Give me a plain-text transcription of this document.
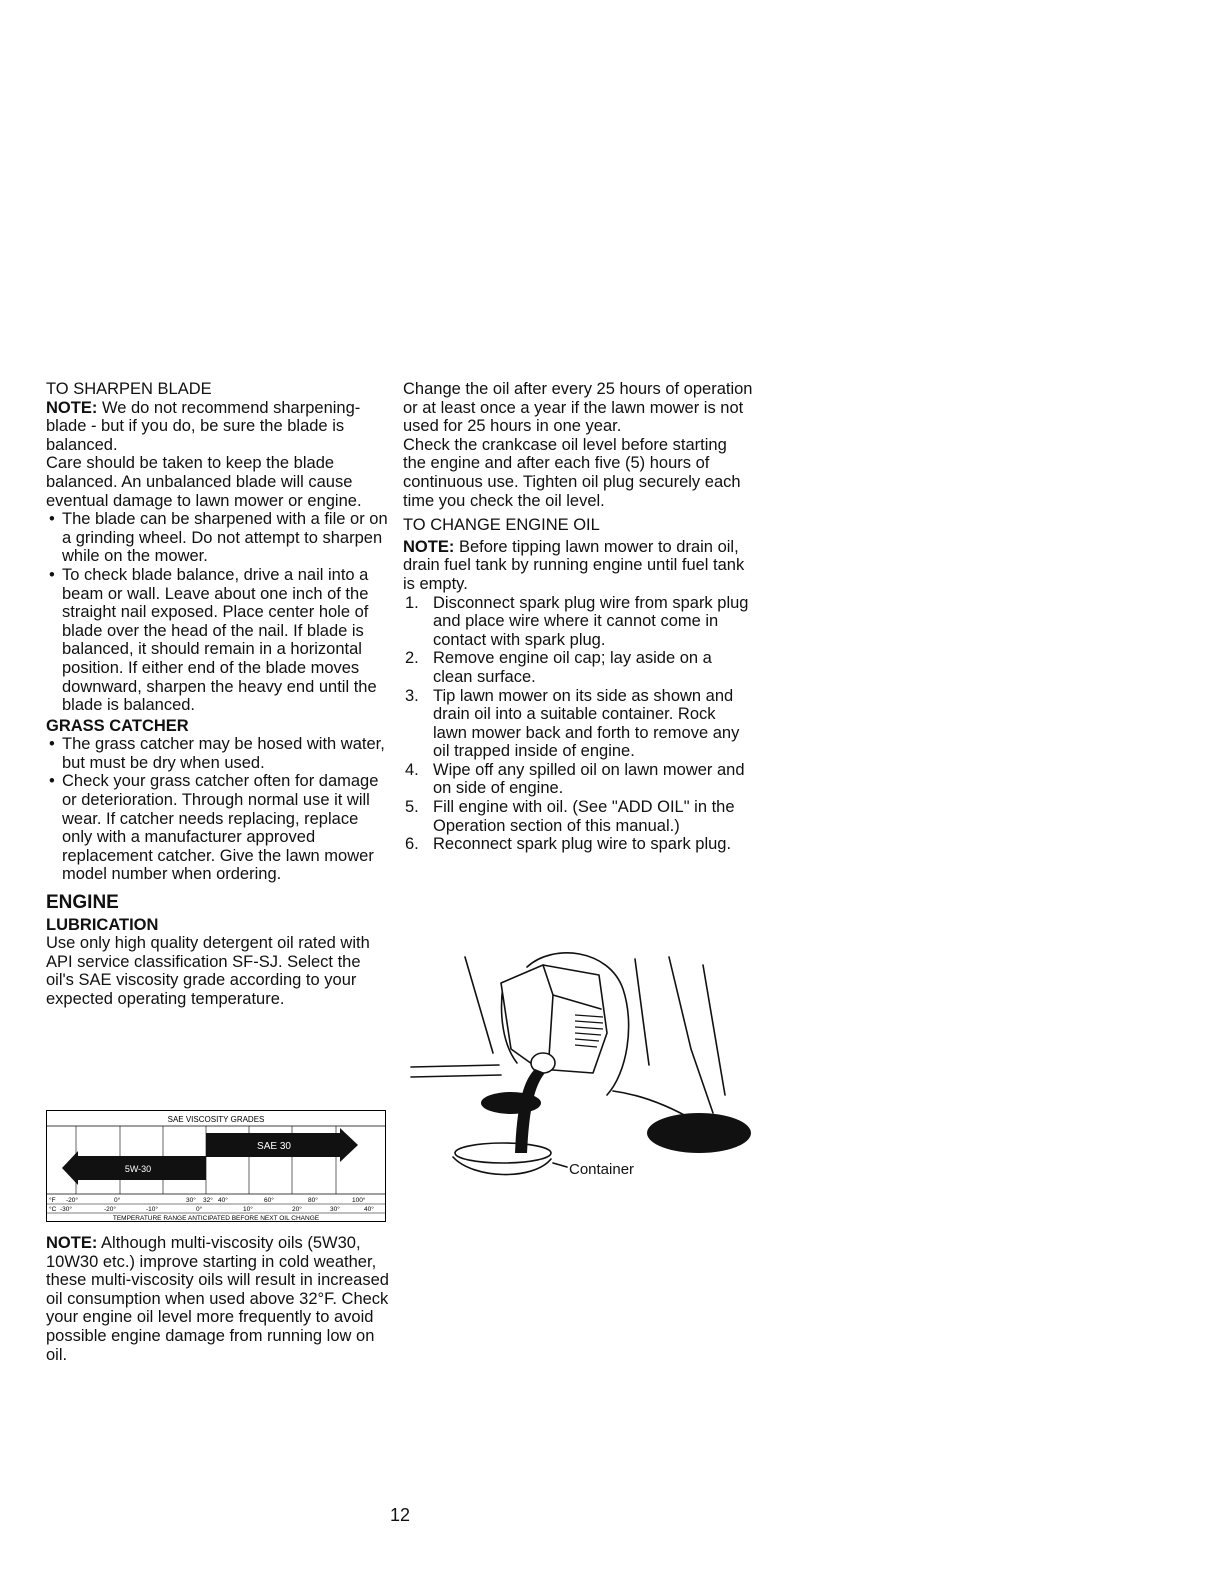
TO SHARPEN BLADE

NOTE: We do not recommend sharpening-blade - but if you do, be sure the blade is balanced.

Care should be taken to keep the blade balanced. An unbalanced blade will cause eventual damage to lawn mower or engine.

• The blade can be sharpened with a file or on a grinding wheel. Do not attempt to sharpen while on the mower.
• To check blade balance, drive a nail into a beam or wall. Leave about one inch of the straight nail exposed. Place center hole of blade over the head of the nail. If blade is balanced, it should remain in a horizontal position. If either end of the blade moves downward, sharpen the heavy end until the blade is balanced.

GRASS CATCHER

• The grass catcher may be hosed with water, but must be dry when used.
• Check your grass catcher often for damage or deterioration. Through normal use it will wear. If catcher needs replacing, replace only with a manufacturer approved replacement catcher. Give the lawn mower model number when ordering.

ENGINE

LUBRICATION

Use only high quality detergent oil rated with API service classification SF-SJ. Select the oil's SAE viscosity grade according to your expected operating temperature.

SAE VISCOSITY GRADES
SAE 30
5W-30
°F -20°	0°	30° 32° 40°	60°	80°	100°
°C -30°	-20°	-10°	0°	10°	20°	30°	40°
TEMPERATURE RANGE ANTICIPATED BEFORE NEXT OIL CHANGE

NOTE: Although multi-viscosity oils (5W30, 10W30 etc.) improve starting in cold weather, these multi-viscosity oils will result in increased oil consumption when used above 32°F. Check your engine oil level more frequently to avoid possible engine damage from running low on oil.

Change the oil after every 25 hours of operation or at least once a year if the lawn mower is not used for 25 hours in one year.

Check the crankcase oil level before starting the engine and after each five (5) hours of continuous use. Tighten oil plug securely each time you check the oil level.

TO CHANGE ENGINE OIL

NOTE: Before tipping lawn mower to drain oil, drain fuel tank by running engine until fuel tank is empty.

1. Disconnect spark plug wire from spark plug and place wire where it cannot come in contact with spark plug.
2. Remove engine oil cap; lay aside on a clean surface.
3. Tip lawn mower on its side as shown and drain oil into a suitable container. Rock lawn mower back and forth to remove any oil trapped inside of engine.
4. Wipe off any spilled oil on lawn mower and on side of engine.
5. Fill engine with oil. (See "ADD OIL" in the Operation section of this manual.)
6. Reconnect spark plug wire to spark plug.
Container
12
